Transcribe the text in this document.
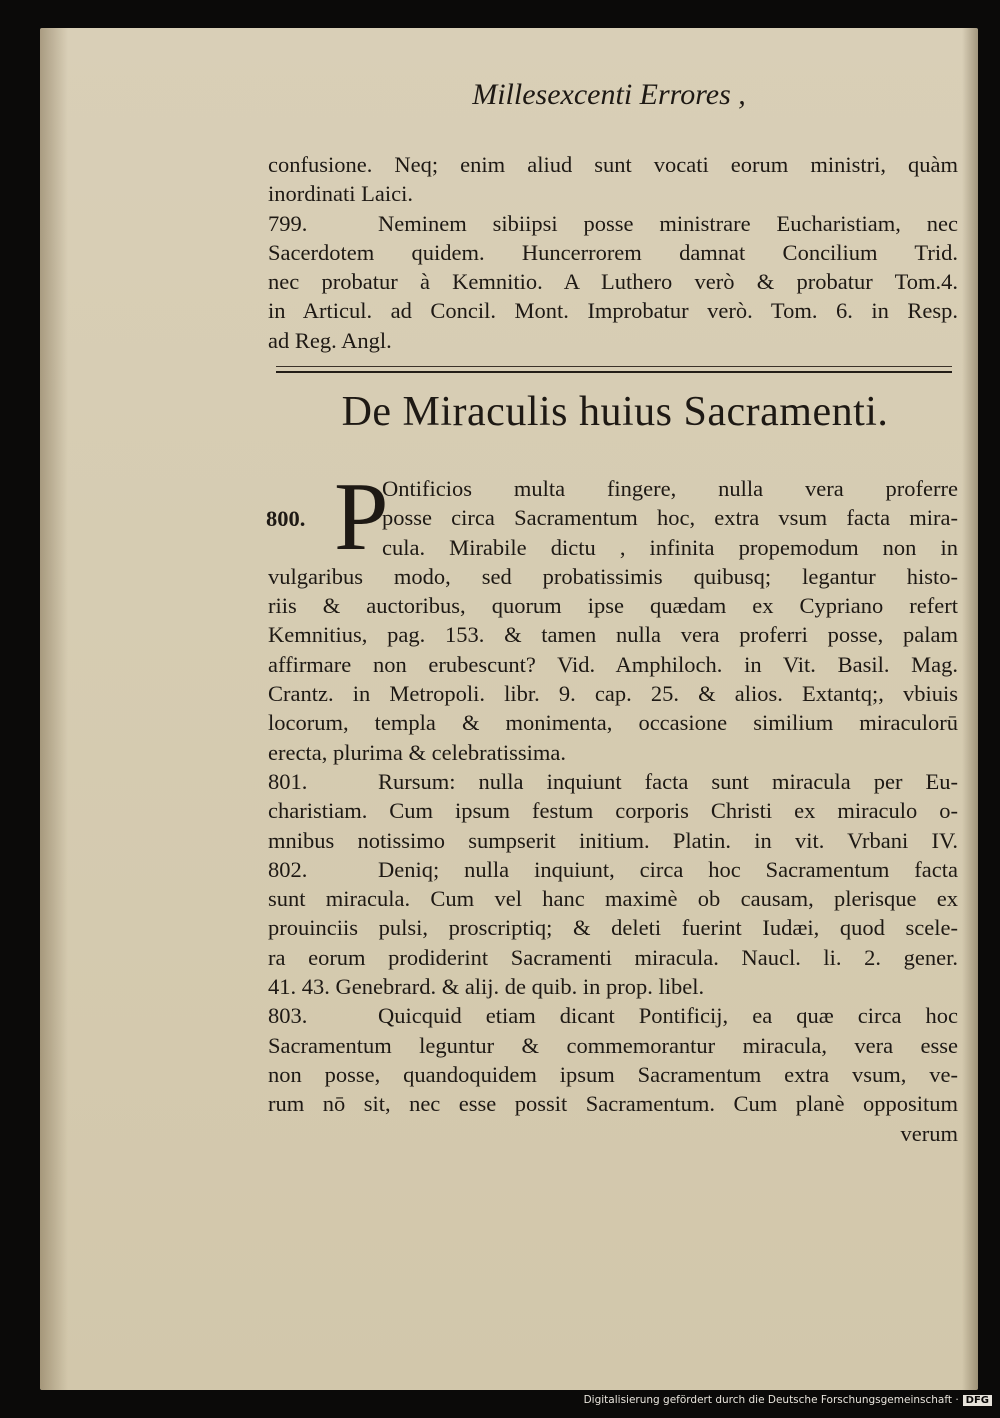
Millesexcenti Errores ,
confusione. Neq; enim aliud sunt vocati eorum ministri, quàm
inordinati Laici.
799.	Neminem sibiipsi posse ministrare Eucharistiam, nec
Sacerdotem quidem. Huncerrorem damnat Concilium Trid.
nec probatur à Kemnitio. A Luthero verò & probatur Tom.4.
in Articul. ad Concil. Mont. Improbatur verò. Tom. 6. in Resp.
ad Reg. Angl.
De Miraculis huius Sacramenti.
800. P
Ontificios multa fingere, nulla vera proferre
posse circa Sacramentum hoc, extra vsum facta mira-
cula. Mirabile dictu , infinita propemodum non in
vulgaribus modo, sed probatissimis quibusq; legantur histo-
riis & auctoribus, quorum ipse quædam ex Cypriano refert
Kemnitius, pag. 153. & tamen nulla vera proferri posse, palam
affirmare non erubescunt? Vid. Amphiloch. in Vit. Basil. Mag.
Crantz. in Metropoli. libr. 9. cap. 25. & alios. Extantq;, vbiuis
locorum, templa & monimenta, occasione similium miraculorū
erecta, plurima & celebratissima.
801.	Rursum: nulla inquiunt facta sunt miracula per Eu-
charistiam. Cum ipsum festum corporis Christi ex miraculo o-
mnibus notissimo sumpserit initium. Platin. in vit. Vrbani IV.
802.	Deniq; nulla inquiunt, circa hoc Sacramentum facta
sunt miracula. Cum vel hanc maximè ob causam, plerisque ex
prouinciis pulsi, proscriptiq; & deleti fuerint Iudæi, quod scele-
ra eorum prodiderint Sacramenti miracula. Naucl. li. 2. gener.
41. 43. Genebrard. & alij. de quib. in prop. libel.
803.	Quicquid etiam dicant Pontificij, ea quæ circa hoc
Sacramentum leguntur & commemorantur miracula, vera esse
non posse, quandoquidem ipsum Sacramentum extra vsum, ve-
rum nō sit, nec esse possit Sacramentum. Cum planè oppositum
verum
Digitalisierung gefördert durch die Deutsche Forschungsgemeinschaft · DFG
